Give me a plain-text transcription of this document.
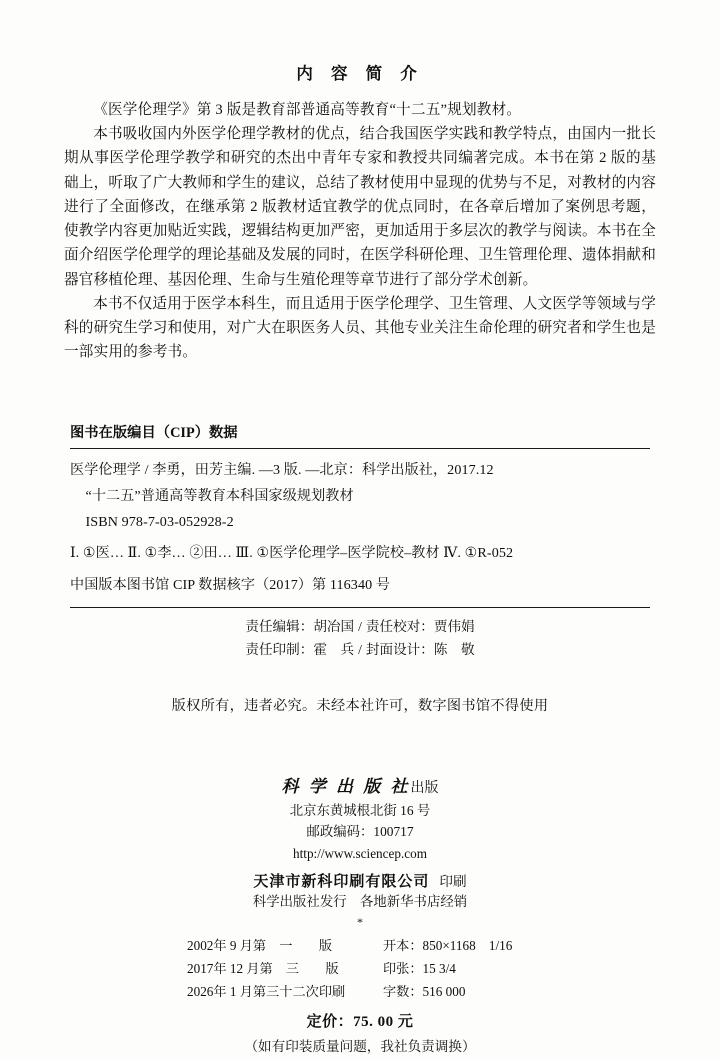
内 容 简 介

《医学伦理学》第 3 版是教育部普通高等教育“十二五”规划教材。

本书吸收国内外医学伦理学教材的优点，结合我国医学实践和教学特点，由国内一批长期从事医学伦理学教学和研究的杰出中青年专家和教授共同编著完成。本书在第 2 版的基础上，听取了广大教师和学生的建议，总结了教材使用中显现的优势与不足，对教材的内容进行了全面修改，在继承第 2 版教材适宜教学的优点同时，在各章后增加了案例思考题，使教学内容更加贴近实践，逻辑结构更加严密，更加适用于多层次的教学与阅读。本书在全面介绍医学伦理学的理论基础及发展的同时，在医学科研伦理、卫生管理伦理、遗体捐献和器官移植伦理、基因伦理、生命与生殖伦理等章节进行了部分学术创新。

本书不仅适用于医学本科生，而且适用于医学伦理学、卫生管理、人文医学等领域与学科的研究生学习和使用，对广大在职医务人员、其他专业关注生命伦理的研究者和学生也是一部实用的参考书。

图书在版编目（CIP）数据
医学伦理学 / 李勇，田芳主编. —3 版. —北京：科学出版社，2017.12
“十二五”普通高等教育本科国家级规划教材
ISBN 978-7-03-052928-2
Ⅰ. ①医… Ⅱ. ①李… ②田… Ⅲ. ①医学伦理学–医学院校–教材 Ⅳ. ①R-052
中国版本图书馆 CIP 数据核字（2017）第 116340 号
责任编辑：胡冶国 / 责任校对：贾伟娟
责任印制：霍　兵 / 封面设计：陈　敬
版权所有，违者必究。未经本社许可，数字图书馆不得使用
科 学 出 版 社出版
北京东黄城根北街 16 号
邮政编码：100717
http://www.sciencep.com
天津市新科印刷有限公司 印刷
科学出版社发行　各地新华书店经销
*
2002年 9 月第　一　　版	开本：850×1168　1/16
2017年 12 月第　三　　版	印张：15 3/4
2026年 1 月第三十二次印刷	字数：516 000
定价：75. 00 元
（如有印装质量问题，我社负责调换）
